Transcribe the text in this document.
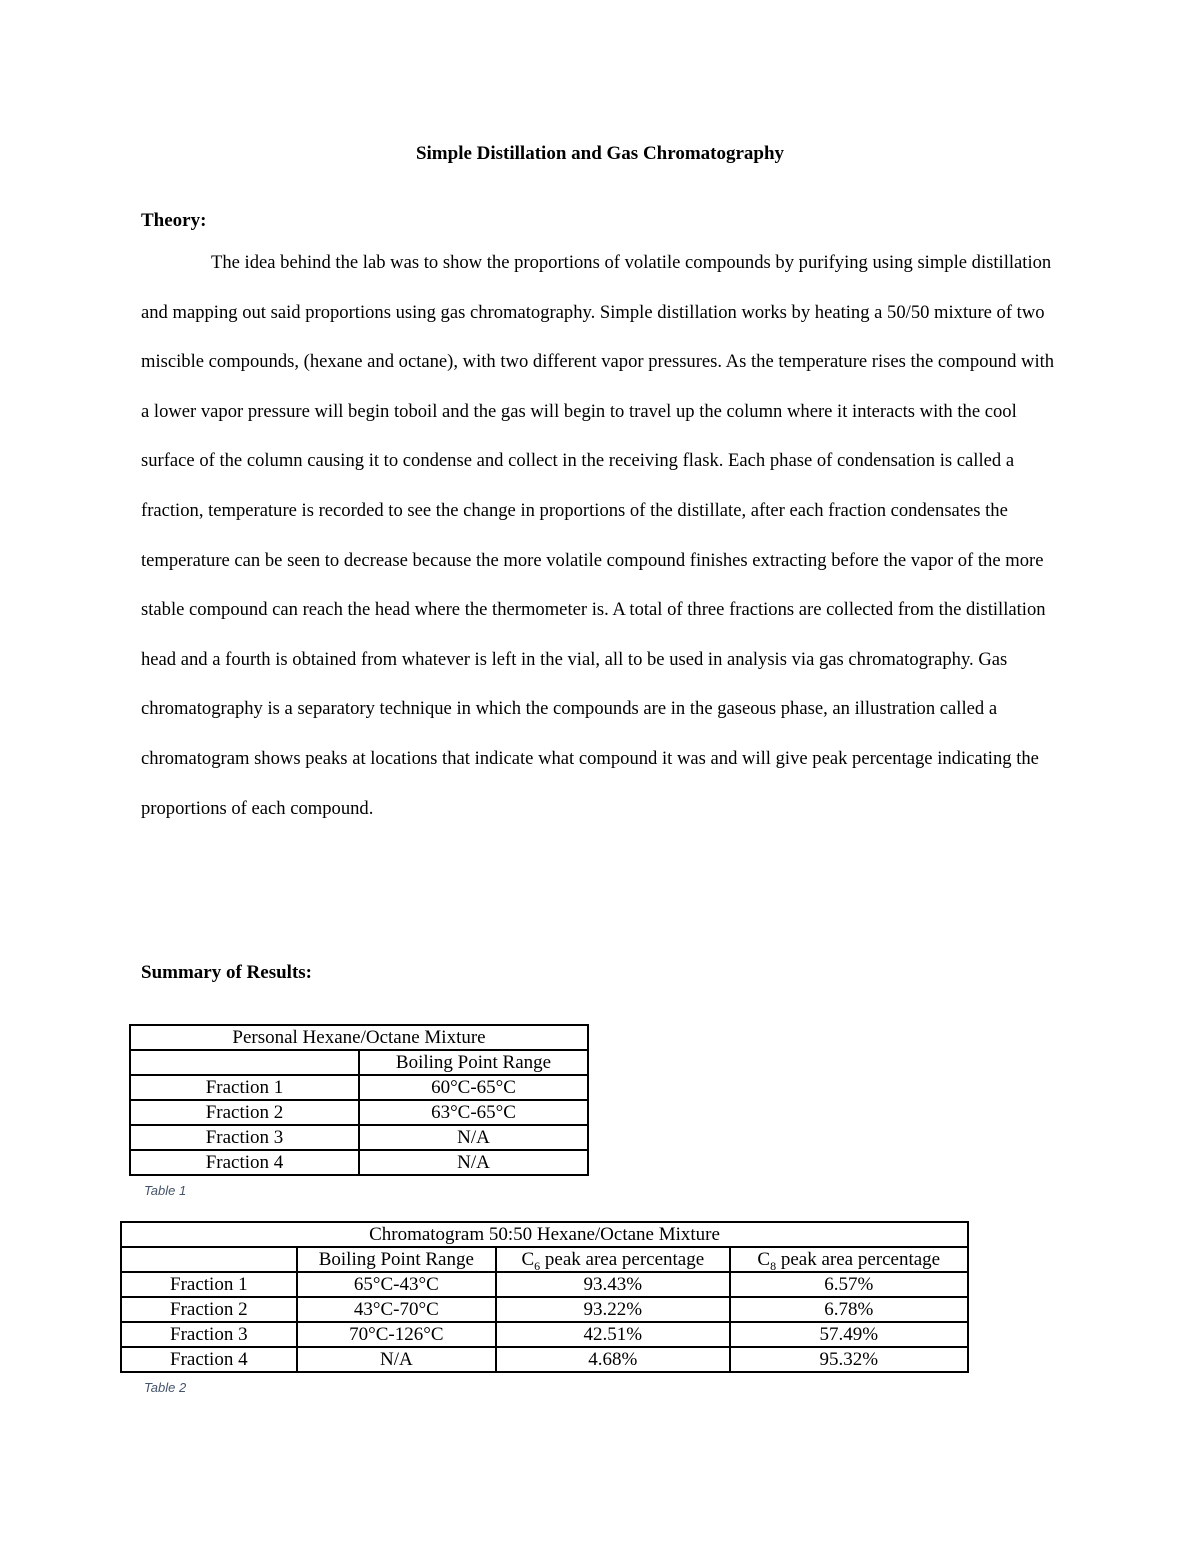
Simple Distillation and Gas Chromatography
Theory:

The idea behind the lab was to show the proportions of volatile compounds by purifying using simple distillation and mapping out said proportions using gas chromatography. Simple distillation works by heating a 50/50 mixture of two miscible compounds, (hexane and octane), with two different vapor pressures. As the temperature rises the compound with a lower vapor pressure will begin toboil and the gas will begin to travel up the column where it interacts with the cool surface of the column causing it to condense and collect in the receiving flask. Each phase of condensation is called a fraction, temperature is recorded to see the change in proportions of the distillate, after each fraction condensates the temperature can be seen to decrease because the more volatile compound finishes extracting before the vapor of the more stable compound can reach the head where the thermometer is. A total of three fractions are collected from the distillation head and a fourth is obtained from whatever is left in the vial, all to be used in analysis via gas chromatography. Gas chromatography is a separatory technique in which the compounds are in the gaseous phase, an illustration called a chromatogram shows peaks at locations that indicate what compound it was and will give peak percentage indicating the proportions of each compound.

Summary of Results:
Personal Hexane/Octane Mixture	
	Boiling Point Range
Fraction 1	60°C-65°C
Fraction 2	63°C-65°C
Fraction 3	N/A
Fraction 4	N/A

Table 1

Chromatogram 50:50 Hexane/Octane Mixture			
	Boiling Point Range	$C_6$ peak area percentage	$C_8$ peak area percentage
Fraction 1	65°C-43°C	93.43%	6.57%
Fraction 2	43°C-70°C	93.22%	6.78%
Fraction 3	70°C-126°C	42.51%	57.49%
Fraction 4	N/A	4.68%	95.32%

Table 2
